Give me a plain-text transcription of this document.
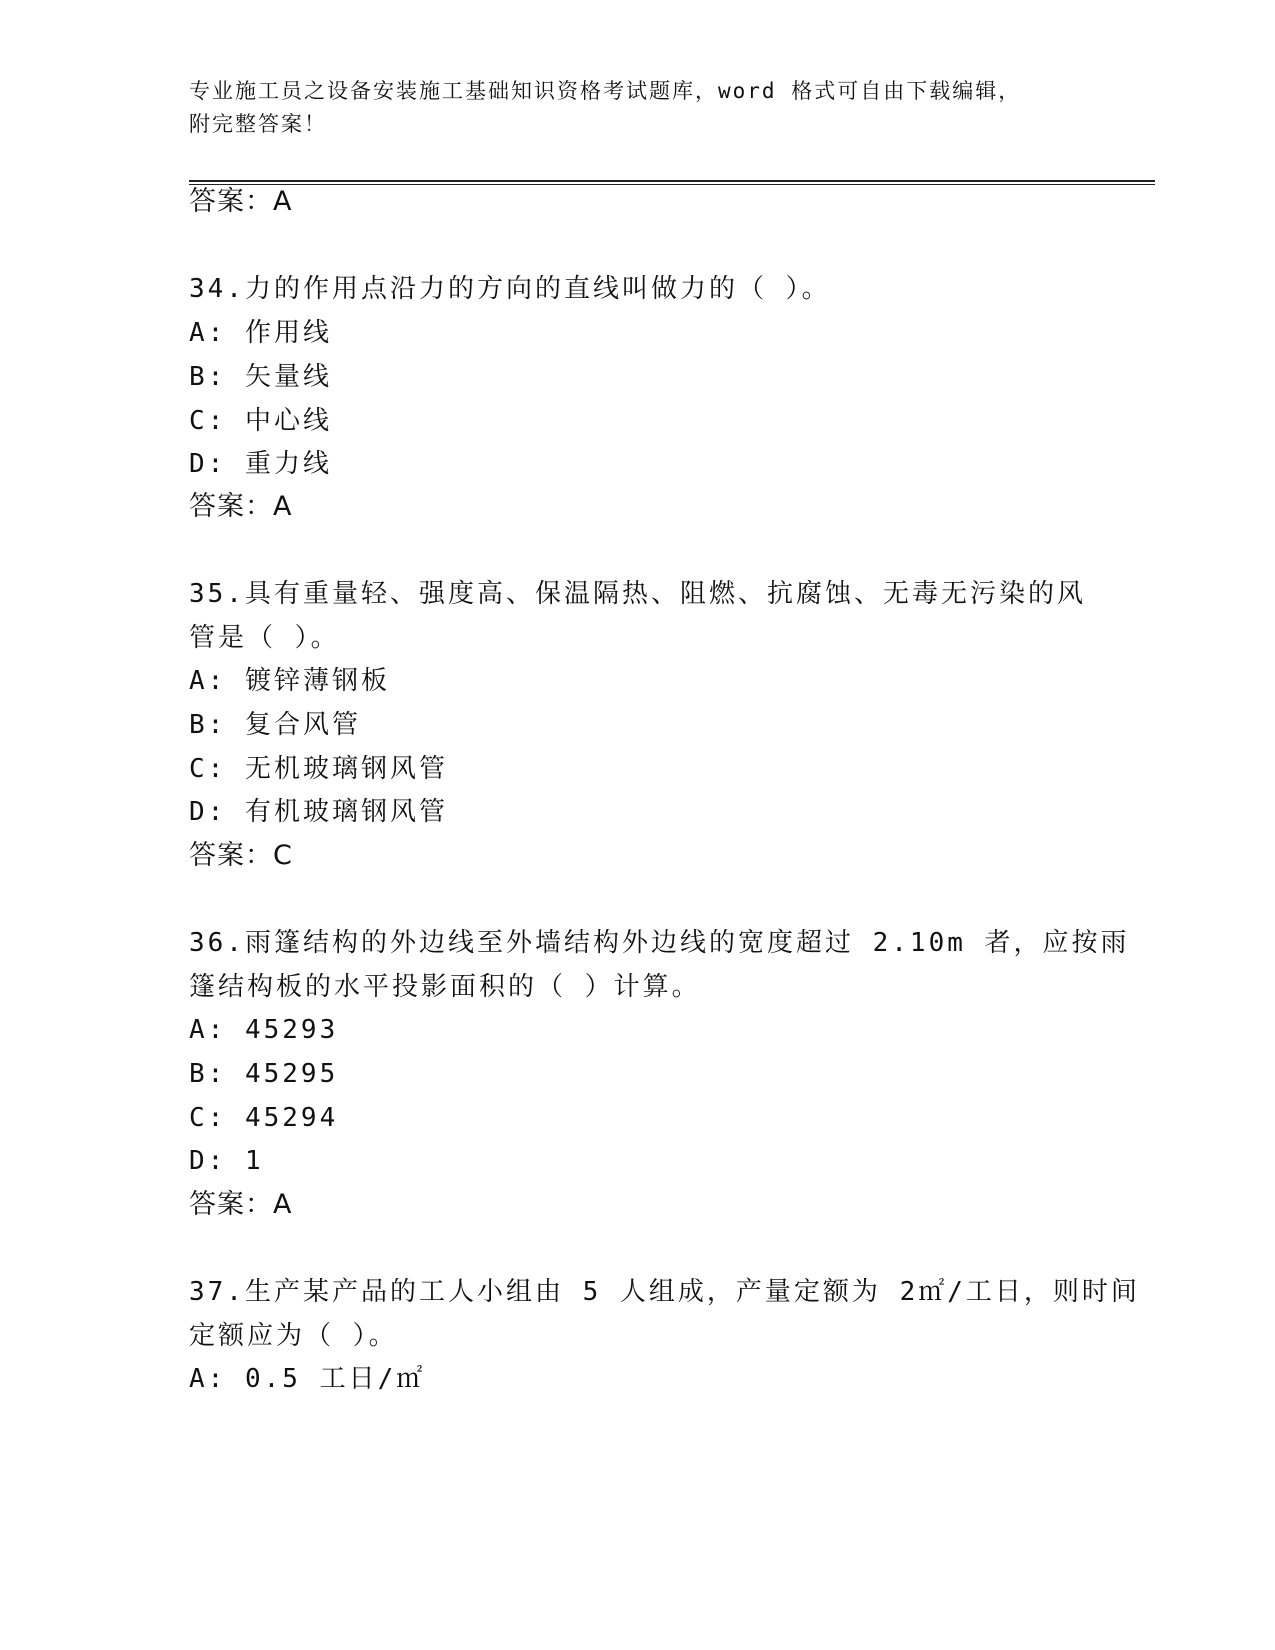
专业施工员之设备安装施工基础知识资格考试题库，word 格式可自由下载编辑，
附完整答案！
答案：A
34.力的作用点沿力的方向的直线叫做力的（ ）。
A: 作用线
B: 矢量线
C: 中心线
D: 重力线
答案：A
35.具有重量轻、强度高、保温隔热、阻燃、抗腐蚀、无毒无污染的风
管是（ ）。
A: 镀锌薄钢板
B: 复合风管
C: 无机玻璃钢风管
D: 有机玻璃钢风管
答案：C
36.雨篷结构的外边线至外墙结构外边线的宽度超过 2.10m 者，应按雨
篷结构板的水平投影面积的（ ）计算。
A: 45293
B: 45295
C: 45294
D: 1
答案：A
37.生产某产品的工人小组由 5 人组成，产量定额为 2㎡/工日，则时间
定额应为（ ）。
A: 0.5 工日/㎡
